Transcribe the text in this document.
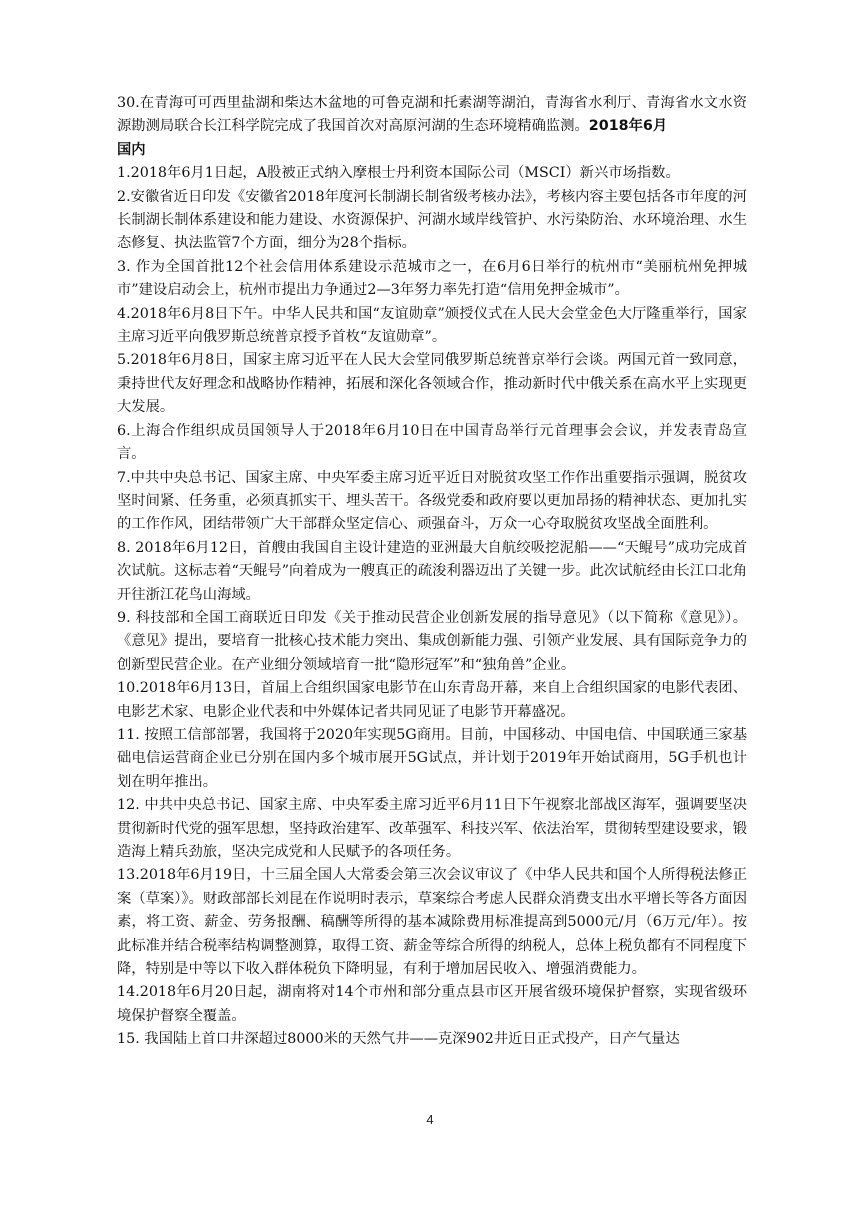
30.在青海可可西里盐湖和柴达木盆地的可鲁克湖和托素湖等湖泊，青海省水利厅、青海省水文水资源勘测局联合长江科学院完成了我国首次对高原河湖的生态环境精确监测。2018年6月

国内

1.2018年6月1日起，A股被正式纳入摩根士丹利资本国际公司（MSCI）新兴市场指数。

2.安徽省近日印发《安徽省2018年度河长制湖长制省级考核办法》，考核内容主要包括各市年度的河长制湖长制体系建设和能力建设、水资源保护、河湖水域岸线管护、水污染防治、水环境治理、水生态修复、执法监管7个方面，细分为28个指标。

3. 作为全国首批12个社会信用体系建设示范城市之一，在6月6日举行的杭州市“美丽杭州免押城市”建设启动会上，杭州市提出力争通过2—3年努力率先打造“信用免押金城市”。

4.2018年6月8日下午。中华人民共和国“友谊勋章”颁授仪式在人民大会堂金色大厅隆重举行，国家主席习近平向俄罗斯总统普京授予首枚“友谊勋章”。

5.2018年6月8日，国家主席习近平在人民大会堂同俄罗斯总统普京举行会谈。两国元首一致同意，秉持世代友好理念和战略协作精神，拓展和深化各领域合作，推动新时代中俄关系在高水平上实现更大发展。

6.上海合作组织成员国领导人于2018年6月10日在中国青岛举行元首理事会会议，并发表青岛宣言。

7.中共中央总书记、国家主席、中央军委主席习近平近日对脱贫攻坚工作作出重要指示强调，脱贫攻坚时间紧、任务重，必须真抓实干、埋头苦干。各级党委和政府要以更加昂扬的精神状态、更加扎实的工作作风，团结带领广大干部群众坚定信心、顽强奋斗，万众一心夺取脱贫攻坚战全面胜利。

8. 2018年6月12日，首艘由我国自主设计建造的亚洲最大自航绞吸挖泥船——“天鲲号”成功完成首次试航。这标志着“天鲲号”向着成为一艘真正的疏浚利器迈出了关键一步。此次试航经由长江口北角开往浙江花鸟山海域。

9. 科技部和全国工商联近日印发《关于推动民营企业创新发展的指导意见》（以下简称《意见》）。《意见》提出，要培育一批核心技术能力突出、集成创新能力强、引领产业发展、具有国际竞争力的创新型民营企业。在产业细分领域培育一批“隐形冠军”和“独角兽”企业。

10.2018年6月13日，首届上合组织国家电影节在山东青岛开幕，来自上合组织国家的电影代表团、电影艺术家、电影企业代表和中外媒体记者共同见证了电影节开幕盛况。

11. 按照工信部部署，我国将于2020年实现5G商用。目前，中国移动、中国电信、中国联通三家基础电信运营商企业已分别在国内多个城市展开5G试点，并计划于2019年开始试商用，5G手机也计划在明年推出。

12. 中共中央总书记、国家主席、中央军委主席习近平6月11日下午视察北部战区海军，强调要坚决贯彻新时代党的强军思想，坚持政治建军、改革强军、科技兴军、依法治军，贯彻转型建设要求，锻造海上精兵劲旅，坚决完成党和人民赋予的各项任务。

13.2018年6月19日，十三届全国人大常委会第三次会议审议了《中华人民共和国个人所得税法修正案（草案）》。财政部部长刘昆在作说明时表示，草案综合考虑人民群众消费支出水平增长等各方面因素，将工资、薪金、劳务报酬、稿酬等所得的基本减除费用标准提高到5000元/月（6万元/年）。按此标准并结合税率结构调整测算，取得工资、薪金等综合所得的纳税人，总体上税负都有不同程度下降，特别是中等以下收入群体税负下降明显，有利于增加居民收入、增强消费能力。

14.2018年6月20日起，湖南将对14个市州和部分重点县市区开展省级环境保护督察，实现省级环境保护督察全覆盖。

15. 我国陆上首口井深超过8000米的天然气井——克深902井近日正式投产，日产气量达

4
